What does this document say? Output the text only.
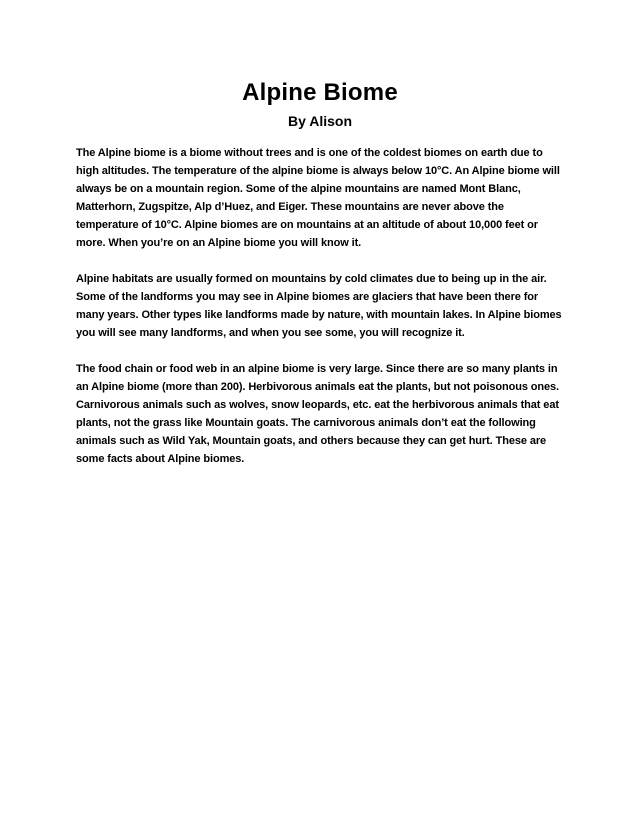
Alpine Biome
By Alison

The Alpine biome is a biome without trees and is one of the coldest biomes on earth due to high altitudes. The temperature of the alpine biome is always below 10°C. An Alpine biome will always be on a mountain region. Some of the alpine mountains are named Mont Blanc, Matterhorn, Zugspitze, Alp d’Huez, and Eiger. These mountains are never above the temperature of 10°C. Alpine biomes are on mountains at an altitude of about 10,000 feet or more. When you’re on an Alpine biome you will know it.

Alpine habitats are usually formed on mountains by cold climates due to being up in the air. Some of the landforms you may see in Alpine biomes are glaciers that have been there for many years. Other types like landforms made by nature, with mountain lakes. In Alpine biomes you will see many landforms, and when you see some, you will recognize it.

The food chain or food web in an alpine biome is very large. Since there are so many plants in an Alpine biome (more than 200). Herbivorous animals eat the plants, but not poisonous ones. Carnivorous animals such as wolves, snow leopards, etc. eat the herbivorous animals that eat plants, not the grass like Mountain goats. The carnivorous animals don’t eat the following animals such as Wild Yak, Mountain goats, and others because they can get hurt. These are some facts about Alpine biomes.
